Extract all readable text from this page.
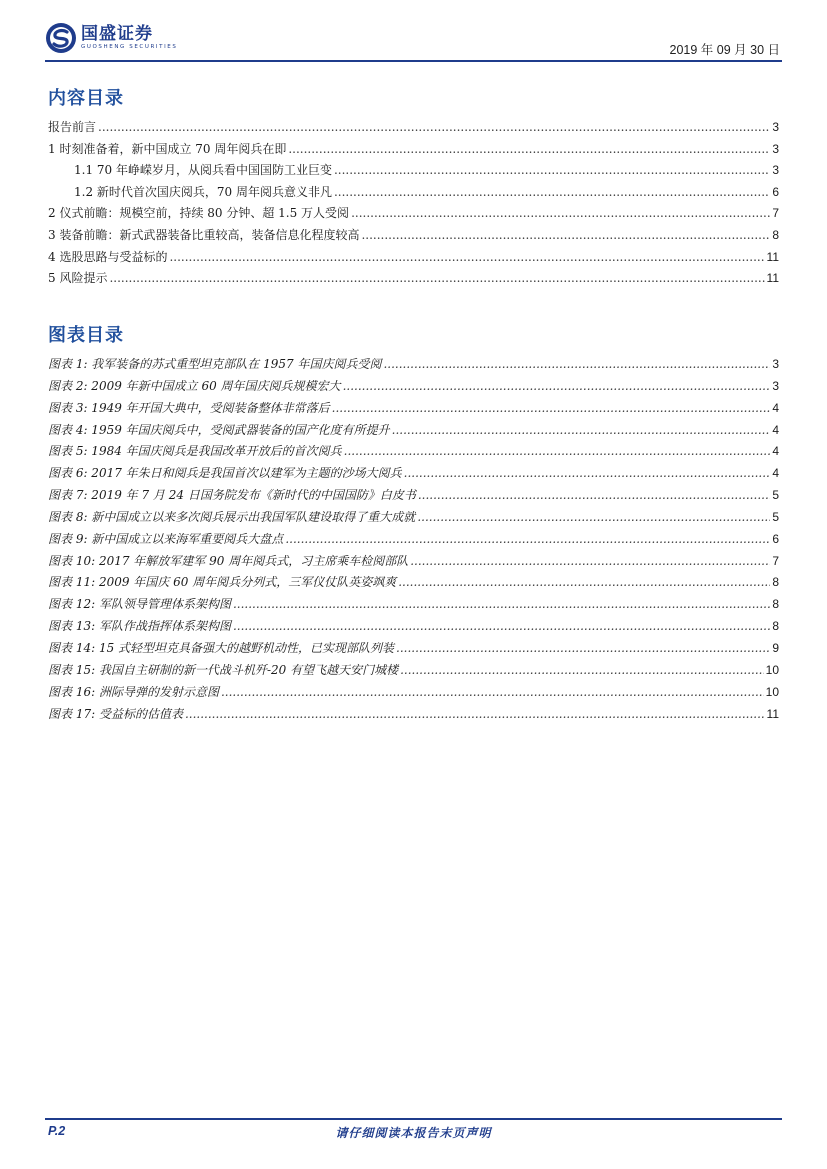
国盛证券
GUOSHENG SECURITIES	2019 年 09 月 30 日
内容目录
报告前言 .....	3
1 时刻准备着，新中国成立 70 周年阅兵在即 .....	3
1.1 70 年峥嵘岁月，从阅兵看中国国防工业巨变 .....	3
1.2 新时代首次国庆阅兵，70 周年阅兵意义非凡 .....	6
2 仪式前瞻：规模空前，持续 80 分钟、超 1.5 万人受阅 .....	7
3 装备前瞻：新式武器装备比重较高，装备信息化程度较高 .....	8
4 选股思路与受益标的 .....	11
5 风险提示 .....	11
图表目录
图表 1: 我军装备的苏式重型坦克部队在 1957 年国庆阅兵受阅 .....	3
图表 2: 2009 年新中国成立 60 周年国庆阅兵规模宏大 .....	3
图表 3: 1949 年开国大典中，受阅装备整体非常落后 .....	4
图表 4: 1959 年国庆阅兵中，受阅武器装备的国产化度有所提升 .....	4
图表 5: 1984 年国庆阅兵是我国改革开放后的首次阅兵 .....	4
图表 6: 2017 年朱日和阅兵是我国首次以建军为主题的沙场大阅兵 .....	4
图表 7: 2019 年 7 月 24 日国务院发布《新时代的中国国防》白皮书 .....	5
图表 8: 新中国成立以来多次阅兵展示出我国军队建设取得了重大成就 .....	5
图表 9: 新中国成立以来海军重要阅兵大盘点 .....	6
图表 10: 2017 年解放军建军 90 周年阅兵式，习主席乘车检阅部队 .....	7
图表 11: 2009 年国庆 60 周年阅兵分列式，三军仪仗队英姿飒爽 .....	8
图表 12: 军队领导管理体系架构图 .....	8
图表 13: 军队作战指挥体系架构图 .....	8
图表 14: 15 式轻型坦克具备强大的越野机动性，已实现部队列装 .....	9
图表 15: 我国自主研制的新一代战斗机歼-20 有望飞越天安门城楼 .....	10
图表 16: 洲际导弹的发射示意图 .....	10
图表 17: 受益标的估值表 .....	11
P.2	请仔细阅读本报告末页声明
